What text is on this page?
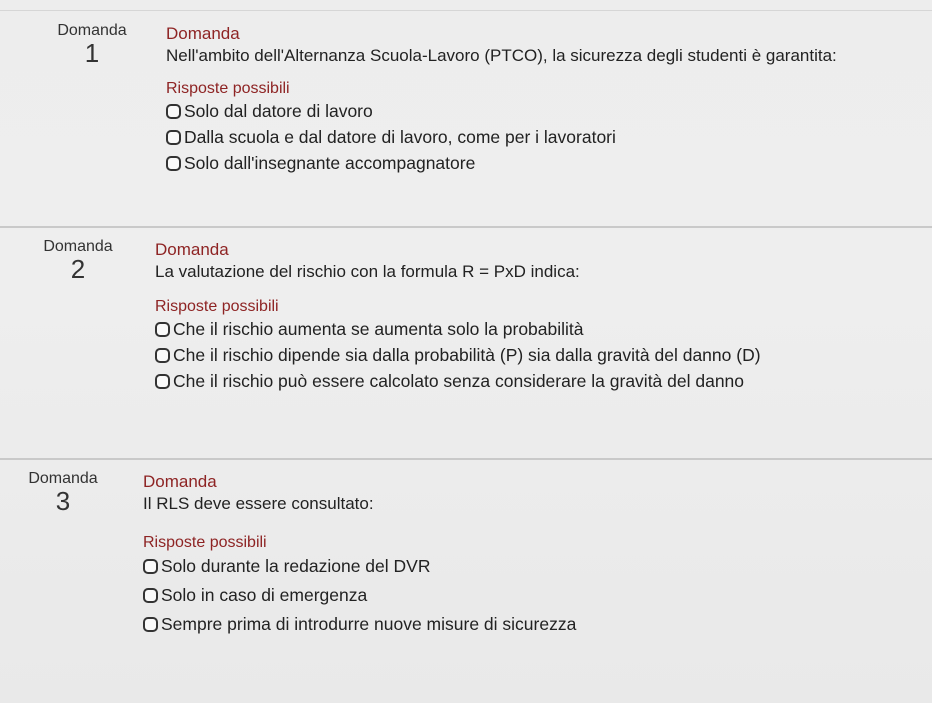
Domanda
1
Domanda
Nell'ambito dell'Alternanza Scuola-Lavoro (PTCO), la sicurezza degli studenti è garantita:
Risposte possibili
Solo dal datore di lavoro
Dalla scuola e dal datore di lavoro, come per i lavoratori
Solo dall'insegnante accompagnatore
Domanda
2
Domanda
La valutazione del rischio con la formula R = PxD indica:
Risposte possibili
Che il rischio aumenta se aumenta solo la probabilità
Che il rischio dipende sia dalla probabilità (P) sia dalla gravità del danno (D)
Che il rischio può essere calcolato senza considerare la gravità del danno
Domanda
3
Domanda
Il RLS deve essere consultato:
Risposte possibili
Solo durante la redazione del DVR
Solo in caso di emergenza
Sempre prima di introdurre nuove misure di sicurezza
